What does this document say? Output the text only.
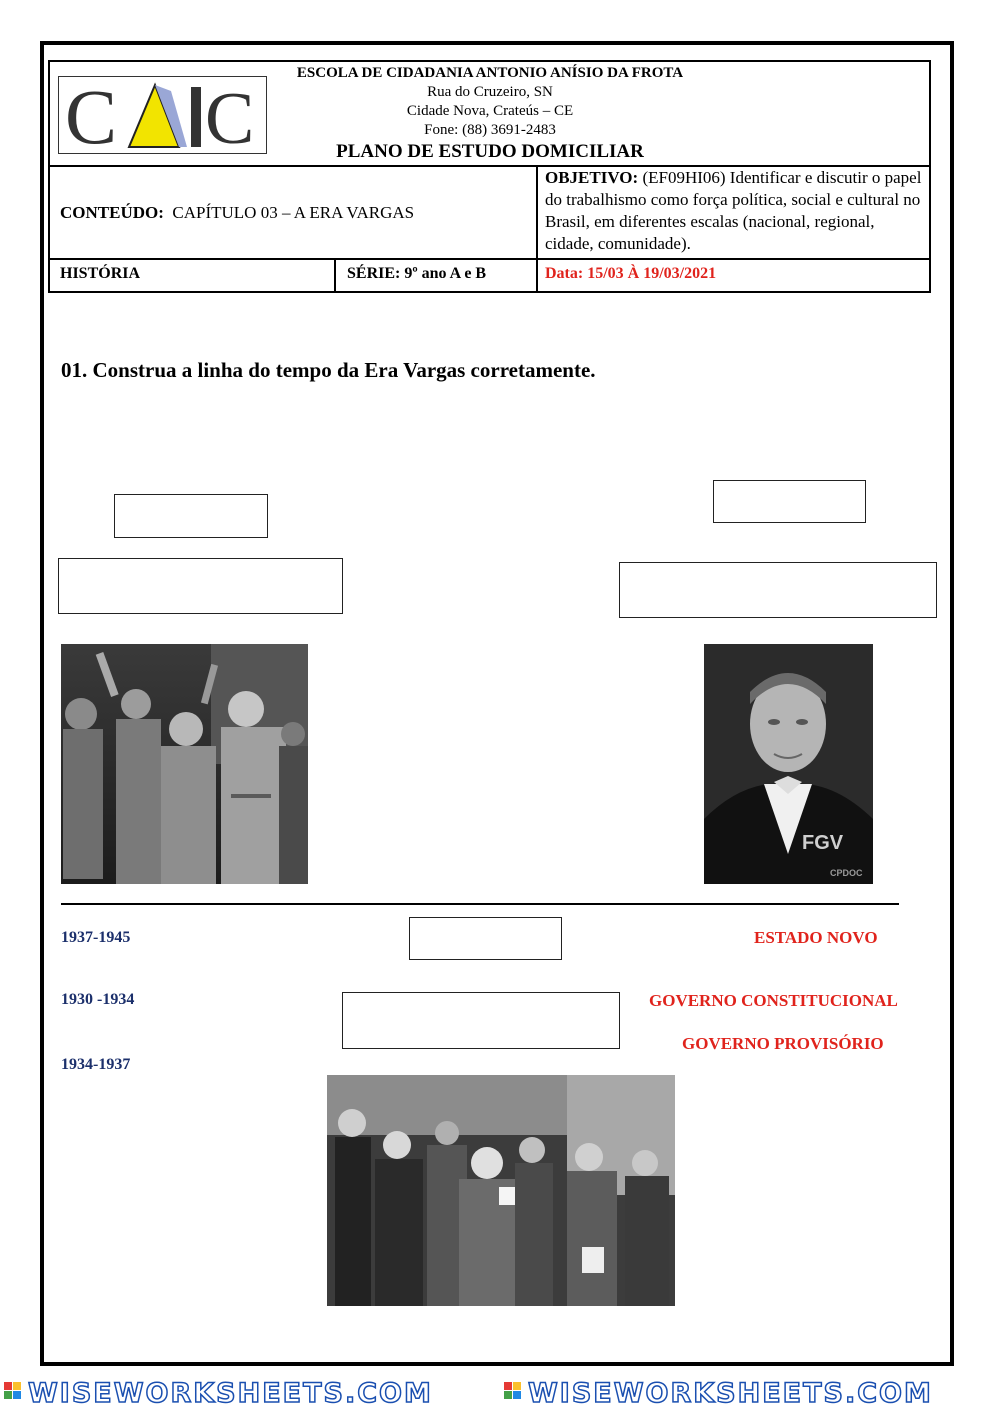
C C
ESCOLA DE CIDADANIA ANTONIO ANÍSIO DA FROTA
Rua do Cruzeiro, SN
Cidade Nova, Crateús – CE
Fone: (88) 3691-2483
PLANO DE ESTUDO DOMICILIAR
CONTEÚDO: CAPÍTULO 03 – A ERA VARGAS
OBJETIVO: (EF09HI06) Identificar e discutir o papel do trabalhismo como força política, social e cultural no Brasil, em diferentes escalas (nacional, regional, cidade, comunidade).
HISTÓRIA	SÉRIE: 9º ano A e B	Data: 15/03 À 19/03/2021
01. Construa a linha do tempo da Era Vargas corretamente.
FGV
CPDOC
1937-1945
1930 -1934
1934-1937
ESTADO NOVO
GOVERNO CONSTITUCIONAL
GOVERNO PROVISÓRIO
WISEWORKSHEETS.COM	WISEWORKSHEETS.COM
